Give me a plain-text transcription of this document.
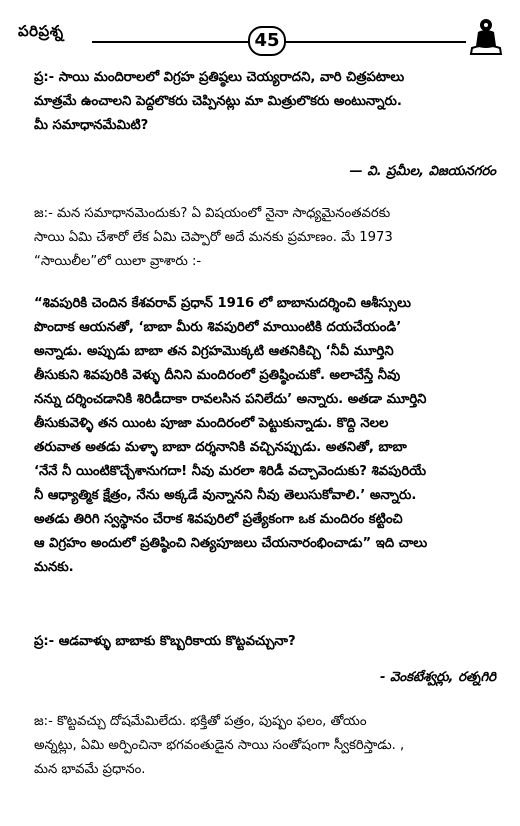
పరిప్రశ్న	45
ప్ర:- సాయి మందిరాలలో విగ్రహ ప్రతిష్ఠలు చెయ్యరాదని, వారి చిత్రపటాలు
మాత్రమే ఉంచాలని పెద్దలొకరు చెప్పినట్లు మా మిత్రులొకరు అంటున్నారు.
మీ సమాధానమేమిటి?
— వి. ప్రమీల, విజయనగరం
జ:- మన సమాధానమెందుకు? ఏ విషయంలో నైనా సాధ్యమైనంతవరకు
సాయి ఏమి చేశారో లేక ఏమి చెప్పారో అదే మనకు ప్రమాణం. మే 1973
“సాయిలీల”లో యిలా వ్రాశారు :-
“శివపురికి చెందిన కేశవరావ్ ప్రధాన్ 1916 లో బాబానుదర్శించి ఆశీస్సులు
పొందాక ఆయనతో, ‘బాబా మీరు శివపురిలో మాయింటికి దయచేయండి’
అన్నాడు. అప్పుడు బాబా తన విగ్రహమొక్కటి ఆతనికిచ్చి ‘నీవీ మూర్తిని
తీసుకుని శివపురికి వెళ్ళు దీనిని మందిరంలో ప్రతిష్ఠించుకో. అలాచేస్తే నీవు
నన్ను దర్శించడానికి శిరిడీదాకా రావలసిన పనిలేదు’ అన్నారు. అతడా మూర్తిని
తీసుకువెళ్ళి తన యింట పూజా మందిరంలో పెట్టుకున్నాడు. కొద్ది నెలల
తరువాత అతడు మళ్ళా బాబా దర్శనానికి వచ్చినప్పుడు. అతనితో, బాబా
‘నేనే నీ యింటికొచ్చేశానుగదా! నీవు మరలా శిరిడీ వచ్చావెందుకు? శివపురియే
నీ ఆధ్యాత్మిక క్షేత్రం, నేను అక్కడే వున్నానని నీవు తెలుసుకోవాలి.’ అన్నారు.
అతడు తిరిగి స్వస్థానం చేరాక శివపురిలో ప్రత్యేకంగా ఒక మందిరం కట్టించి
ఆ విగ్రహం అందులో ప్రతిష్ఠించి నిత్యపూజలు చేయనారంభించాడు” ఇది చాలు
మనకు.
ప్ర:- ఆడవాళ్ళు బాబాకు కొబ్బరికాయ కొట్టవచ్చునా?
- వెంకటేశ్వర్లు, రత్నగిరి
జ:- కొట్టవచ్చు దోషమేమిలేదు. భక్తితో పత్రం, పుష్పం ఫలం, తోయం
అన్నట్లు, ఏమి అర్పించినా భగవంతుడైన సాయి సంతోషంగా స్వీకరిస్తాడు. ,
మన భావమే ప్రధానం.
